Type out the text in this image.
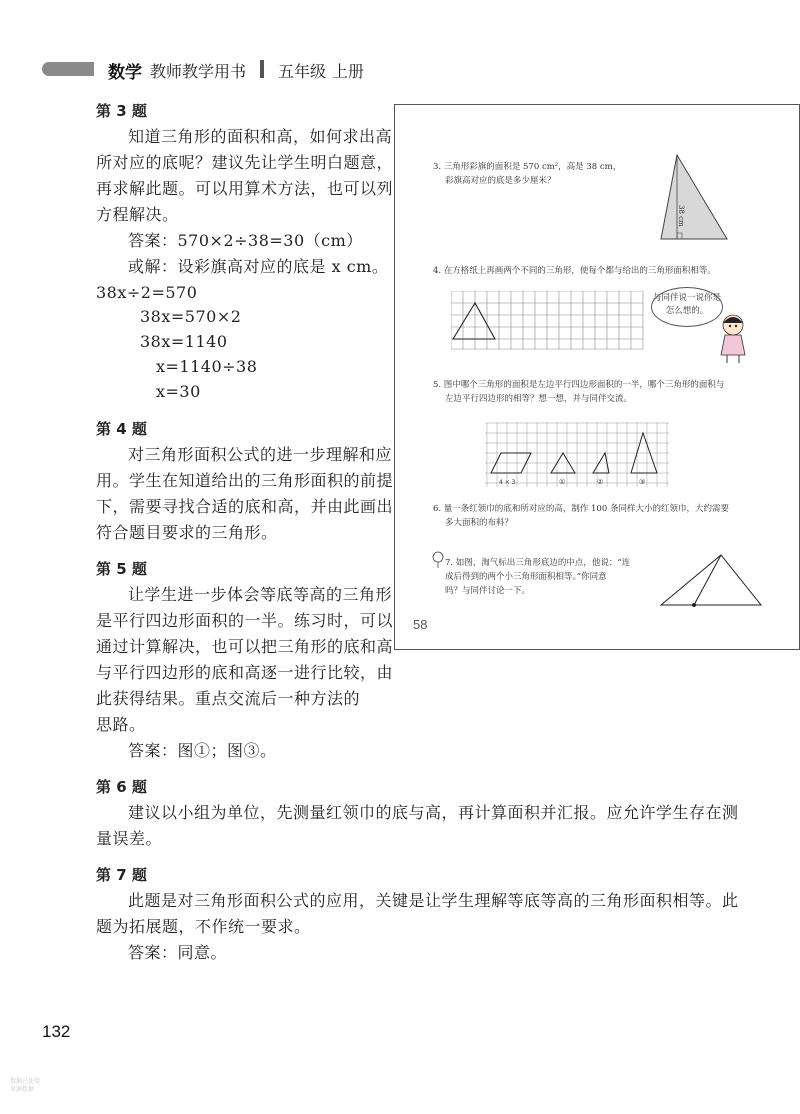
数学 教师教学用书 五年级 上册
第 3 题
知道三角形的面积和高，如何求出高
所对应的底呢？建议先让学生明白题意，
再求解此题。可以用算术方法，也可以列
方程解决。
答案：570×2÷38=30（cm）
或解：设彩旗高对应的底是 x cm。
38x÷2=570
38x=570×2
38x=1140
x=1140÷38
x=30
第 4 题
对三角形面积公式的进一步理解和应
用。学生在知道给出的三角形面积的前提
下，需要寻找合适的底和高，并由此画出
符合题目要求的三角形。
第 5 题
让学生进一步体会等底等高的三角形
是平行四边形面积的一半。练习时，可以
通过计算解决，也可以把三角形的底和高
与平行四边形的底和高逐一进行比较，由
此获得结果。重点交流后一种方法的
思路。
答案：图①；图③。
第 6 题
建议以小组为单位，先测量红领巾的底与高，再计算面积并汇报。应允许学生存在测
量误差。
第 7 题
此题是对三角形面积公式的应用，关键是让学生理解等底等高的三角形面积相等。此
题为拓展题，不作统一要求。
答案：同意。
3. 三角形彩旗的面积是 570 cm²，高是 38 cm，
彩旗高对应的底是多少厘米？
38 cm
4. 在方格纸上再画两个不同的三角形，使每个都与给出的三角形面积相等。
与同伴说一说你是怎么想的。
5. 图中哪个三角形的面积是左边平行四边形面积的一半，哪个三角形的面积与
左边平行四边形的相等？想一想，并与同伴交流。
4 × 3	①	②	③
6. 量一条红领巾的底和所对应的高，制作 100 条同样大小的红领巾，大约需要
多大面积的布料？
7. 如图，淘气标出三角形底边的中点，他说：“连
成后得到的两个小三角形面积相等。”你同意
吗？与同伴讨论一下。
58
132
数据已使用
来源数据
